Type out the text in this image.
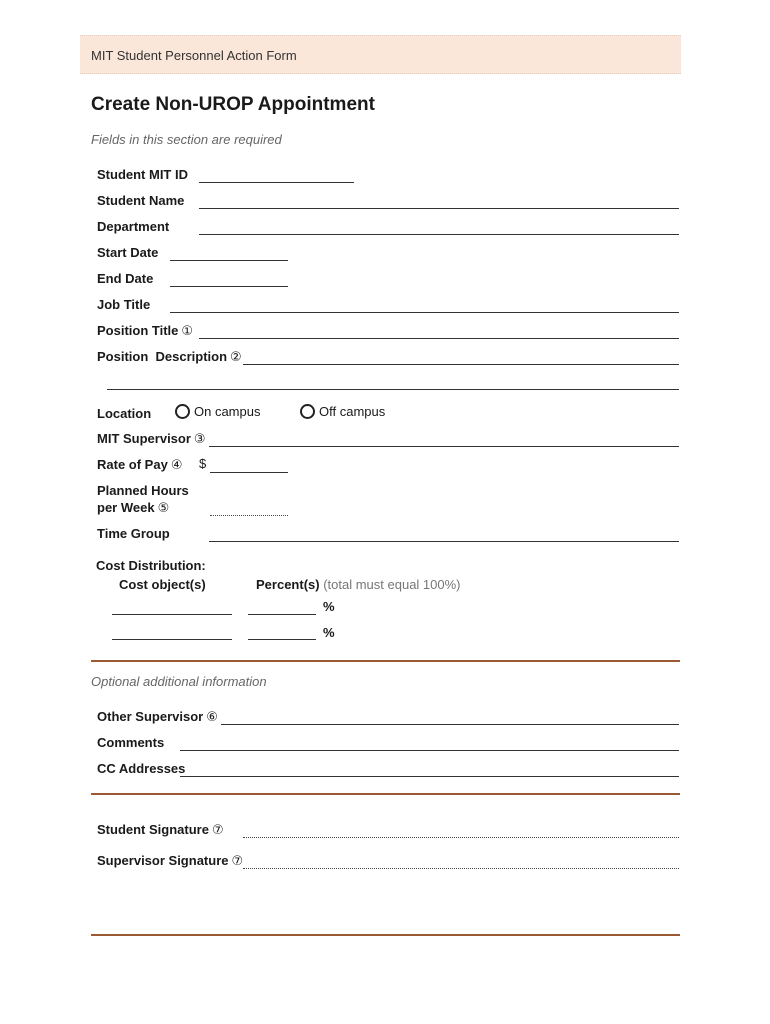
MIT Student Personnel Action Form
Create Non-UROP Appointment
Fields in this section are required
Student MIT ID
Student Name
Department
Start Date
End Date
Job Title
Position Title ①
Position  Description ②
Location	On campus	Off campus
MIT Supervisor ③
Rate of Pay ④ $
Planned Hours
per Week ⑤
Time Group
Cost Distribution:
Cost object(s)	Percent(s) (total must equal 100%)
%
%
Optional additional information
Other Supervisor ⑥
Comments
CC Addresses
Student Signature ⑦
Supervisor Signature ⑦
